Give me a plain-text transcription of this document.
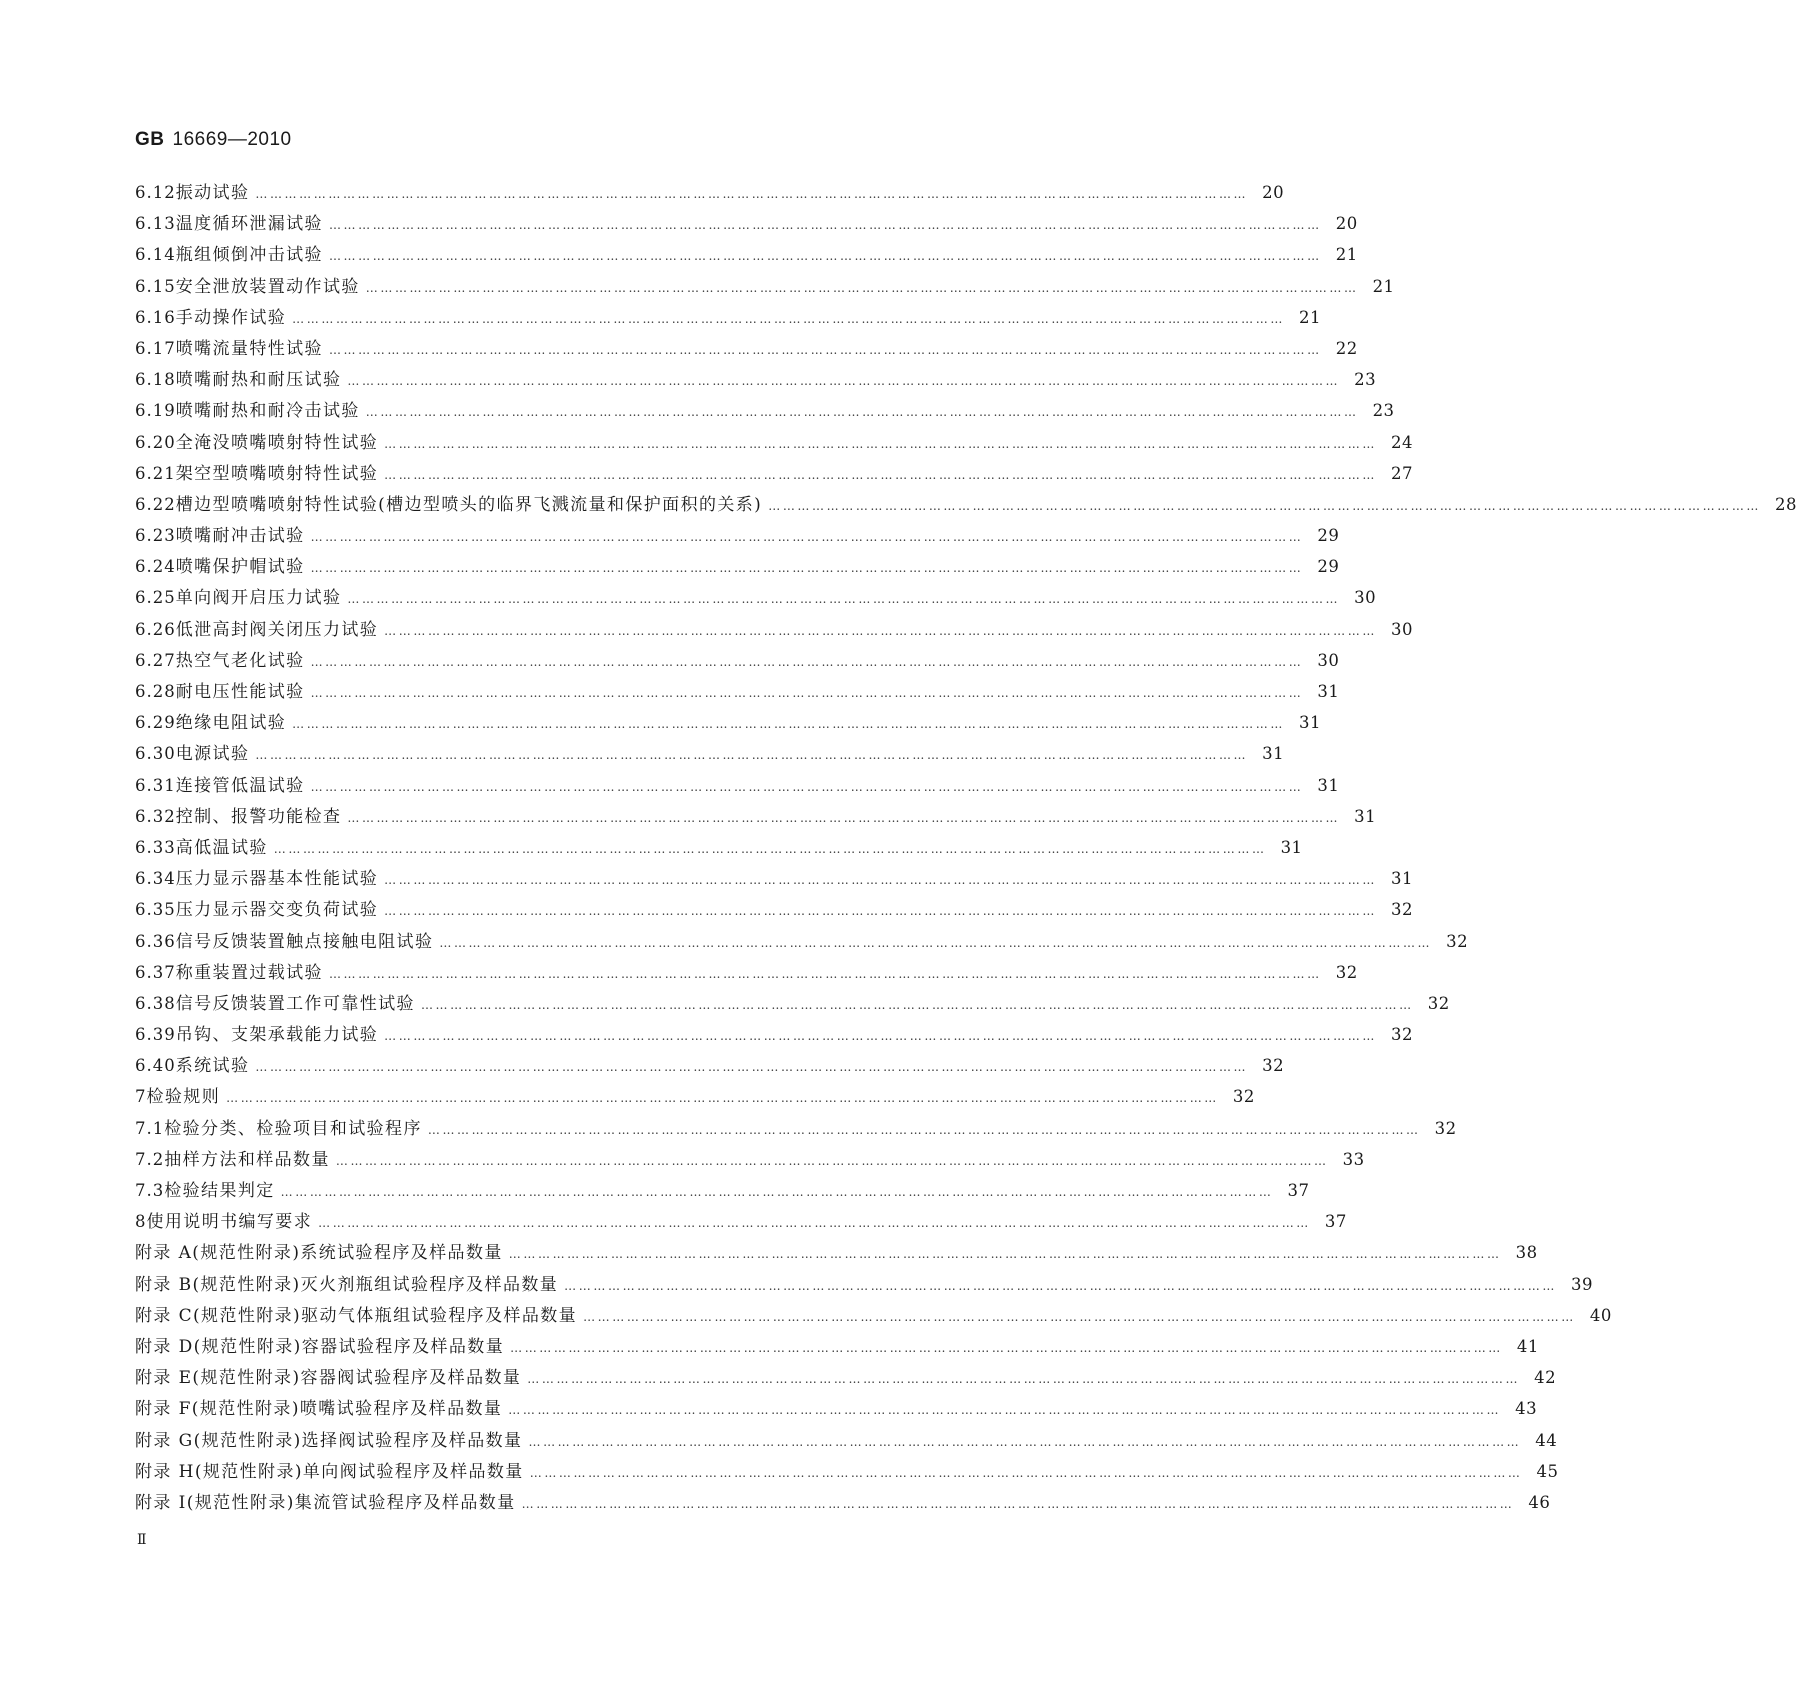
GB 16669—2010
6.12 振动试验 ……………………………………………………………………………………………………………………………………………………………………………………	20
6.13 温度循环泄漏试验 ……………………………………………………………………………………………………………………………………………………………………………………	20
6.14 瓶组倾倒冲击试验 ……………………………………………………………………………………………………………………………………………………………………………………	21
6.15 安全泄放装置动作试验 ……………………………………………………………………………………………………………………………………………………………………………………	21
6.16 手动操作试验 ……………………………………………………………………………………………………………………………………………………………………………………	21
6.17 喷嘴流量特性试验 ……………………………………………………………………………………………………………………………………………………………………………………	22
6.18 喷嘴耐热和耐压试验 ……………………………………………………………………………………………………………………………………………………………………………………	23
6.19 喷嘴耐热和耐冷击试验 ……………………………………………………………………………………………………………………………………………………………………………………	23
6.20 全淹没喷嘴喷射特性试验 ……………………………………………………………………………………………………………………………………………………………………………………	24
6.21 架空型喷嘴喷射特性试验 ……………………………………………………………………………………………………………………………………………………………………………………	27
6.22 槽边型喷嘴喷射特性试验(槽边型喷头的临界飞溅流量和保护面积的关系) ……………………………………………………………………………………………………………………………………………………………………………………	28
6.23 喷嘴耐冲击试验 ……………………………………………………………………………………………………………………………………………………………………………………	29
6.24 喷嘴保护帽试验 ……………………………………………………………………………………………………………………………………………………………………………………	29
6.25 单向阀开启压力试验 ……………………………………………………………………………………………………………………………………………………………………………………	30
6.26 低泄高封阀关闭压力试验 ……………………………………………………………………………………………………………………………………………………………………………………	30
6.27 热空气老化试验 ……………………………………………………………………………………………………………………………………………………………………………………	30
6.28 耐电压性能试验 ……………………………………………………………………………………………………………………………………………………………………………………	31
6.29 绝缘电阻试验 ……………………………………………………………………………………………………………………………………………………………………………………	31
6.30 电源试验 ……………………………………………………………………………………………………………………………………………………………………………………	31
6.31 连接管低温试验 ……………………………………………………………………………………………………………………………………………………………………………………	31
6.32 控制、报警功能检查 ……………………………………………………………………………………………………………………………………………………………………………………	31
6.33 高低温试验 ……………………………………………………………………………………………………………………………………………………………………………………	31
6.34 压力显示器基本性能试验 ……………………………………………………………………………………………………………………………………………………………………………………	31
6.35 压力显示器交变负荷试验 ……………………………………………………………………………………………………………………………………………………………………………………	32
6.36 信号反馈装置触点接触电阻试验 ……………………………………………………………………………………………………………………………………………………………………………………	32
6.37 称重装置过载试验 ……………………………………………………………………………………………………………………………………………………………………………………	32
6.38 信号反馈装置工作可靠性试验 ……………………………………………………………………………………………………………………………………………………………………………………	32
6.39 吊钩、支架承载能力试验 ……………………………………………………………………………………………………………………………………………………………………………………	32
6.40 系统试验 ……………………………………………………………………………………………………………………………………………………………………………………	32
7 检验规则 ……………………………………………………………………………………………………………………………………………………………………………………	32
7.1 检验分类、检验项目和试验程序 ……………………………………………………………………………………………………………………………………………………………………………………	32
7.2 抽样方法和样品数量 ……………………………………………………………………………………………………………………………………………………………………………………	33
7.3 检验结果判定 ……………………………………………………………………………………………………………………………………………………………………………………	37
8 使用说明书编写要求 ……………………………………………………………………………………………………………………………………………………………………………………	37
附录 A(规范性附录) 系统试验程序及样品数量 ……………………………………………………………………………………………………………………………………………………………………………………	38
附录 B(规范性附录) 灭火剂瓶组试验程序及样品数量 ……………………………………………………………………………………………………………………………………………………………………………………	39
附录 C(规范性附录) 驱动气体瓶组试验程序及样品数量 ……………………………………………………………………………………………………………………………………………………………………………………	40
附录 D(规范性附录) 容器试验程序及样品数量 ……………………………………………………………………………………………………………………………………………………………………………………	41
附录 E(规范性附录) 容器阀试验程序及样品数量 ……………………………………………………………………………………………………………………………………………………………………………………	42
附录 F(规范性附录) 喷嘴试验程序及样品数量 ……………………………………………………………………………………………………………………………………………………………………………………	43
附录 G(规范性附录) 选择阀试验程序及样品数量 ……………………………………………………………………………………………………………………………………………………………………………………	44
附录 H(规范性附录) 单向阀试验程序及样品数量 ……………………………………………………………………………………………………………………………………………………………………………………	45
附录 I(规范性附录) 集流管试验程序及样品数量 ……………………………………………………………………………………………………………………………………………………………………………………	46
Ⅱ
